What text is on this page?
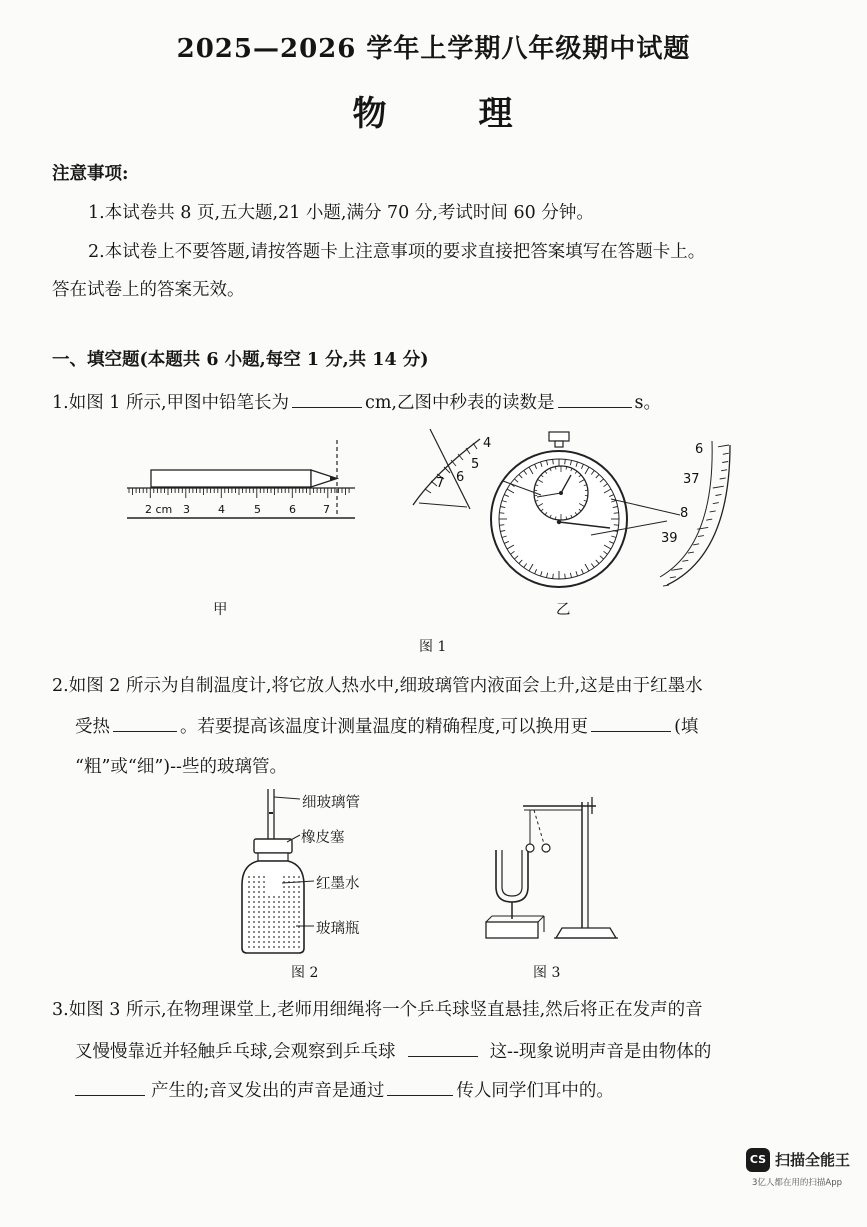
2025—2026 学年上学期八年级期中试题
物	理
注意事项:
1.本试卷共 8 页,五大题,21 小题,满分 70 分,考试时间 60 分钟。
2.本试卷上不要答题,请按答题卡上注意事项的要求直接把答案填写在答题卡上。
答在试卷上的答案无效。
一、填空题(本题共 6 小题,每空 1 分,共 14 分)
1.如图 1 所示,甲图中铅笔长为	cm,乙图中秒表的读数是	s。
2 cm 3	4	5	6 7
4
5
6
7
6
37
8
39
甲	乙
图 1
2.如图 2 所示为自制温度计,将它放人热水中,细玻璃管内液面会上升,这是由于红墨水
受热	。若要提高该温度计测量温度的精确程度,可以换用更	(填
“粗”或“细”)--些的玻璃管。
细玻璃管
橡皮塞
红墨水
玻璃瓶
图 2	图 3
3.如图 3 所示,在物理课堂上,老师用细绳将一个乒乓球竖直悬挂,然后将正在发声的音
叉慢慢靠近并轻触乒乓球,会观察到乒乓球	这--现象说明声音是由物体的
产生的;音叉发出的声音是通过	传人同学们耳中的。
CS 扫描全能王
3亿人都在用的扫描App
